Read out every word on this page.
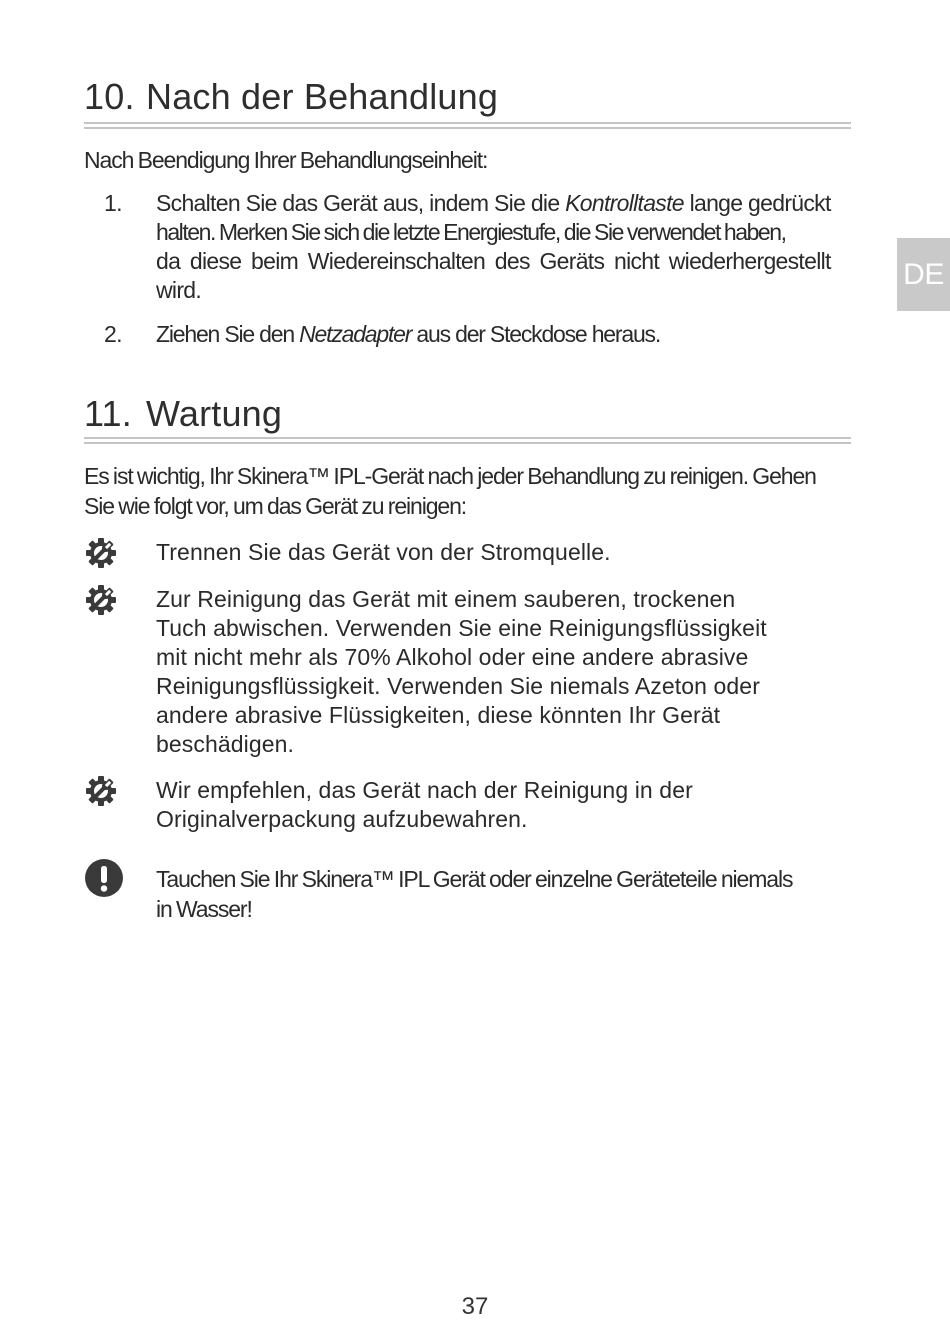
DE
10. Nach der Behandlung

Nach Beendigung Ihrer Behandlungseinheit:

1. Schalten Sie das Gerät aus, indem Sie die Kontrolltaste lange gedrückt
halten. Merken Sie sich die letzte Energiestufe, die Sie verwendet haben,
da diese beim Wiedereinschalten des Geräts nicht wiederhergestellt
wird.
2. Ziehen Sie den Netzadapter aus der Steckdose heraus.
11. Wartung
Es ist wichtig, Ihr Skinera™ IPL-Gerät nach jeder Behandlung zu reinigen. Gehen
Sie wie folgt vor, um das Gerät zu reinigen:
Trennen Sie das Gerät von der Stromquelle.
Zur Reinigung das Gerät mit einem sauberen, trockenen
Tuch abwischen. Verwenden Sie eine Reinigungsflüssigkeit
mit nicht mehr als 70% Alkohol oder eine andere abrasive
Reinigungsflüssigkeit. Verwenden Sie niemals Azeton oder
andere abrasive Flüssigkeiten, diese könnten Ihr Gerät
beschädigen.
Wir empfehlen, das Gerät nach der Reinigung in der
Originalverpackung aufzubewahren.
Tauchen Sie Ihr Skinera™ IPL Gerät oder einzelne Geräteteile niemals
in Wasser!
37
